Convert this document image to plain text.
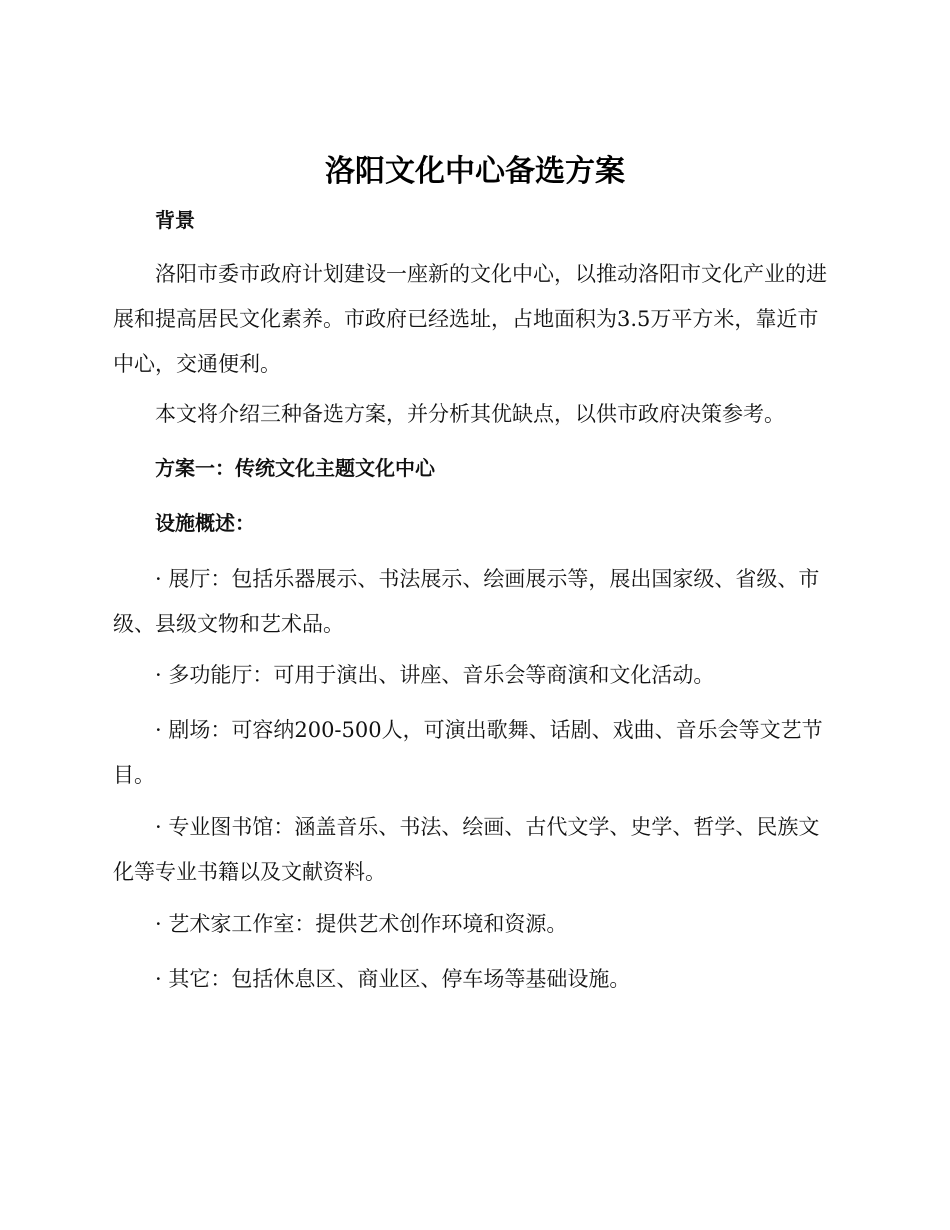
洛阳文化中心备选方案
背景

洛阳市委市政府计划建设一座新的文化中心，以推动洛阳市文化产业的进展和提高居民文化素养。市政府已经选址，占地面积为3.5万平方米，靠近市中心，交通便利。

本文将介绍三种备选方案，并分析其优缺点，以供市政府决策参考。

方案一：传统文化主题文化中心
设施概述：

· 展厅：包括乐器展示、书法展示、绘画展示等，展出国家级、省级、市级、县级文物和艺术品。

· 多功能厅：可用于演出、讲座、音乐会等商演和文化活动。

· 剧场：可容纳200-500人，可演出歌舞、话剧、戏曲、音乐会等文艺节目。

· 专业图书馆：涵盖音乐、书法、绘画、古代文学、史学、哲学、民族文化等专业书籍以及文献资料。

· 艺术家工作室：提供艺术创作环境和资源。

· 其它：包括休息区、商业区、停车场等基础设施。
